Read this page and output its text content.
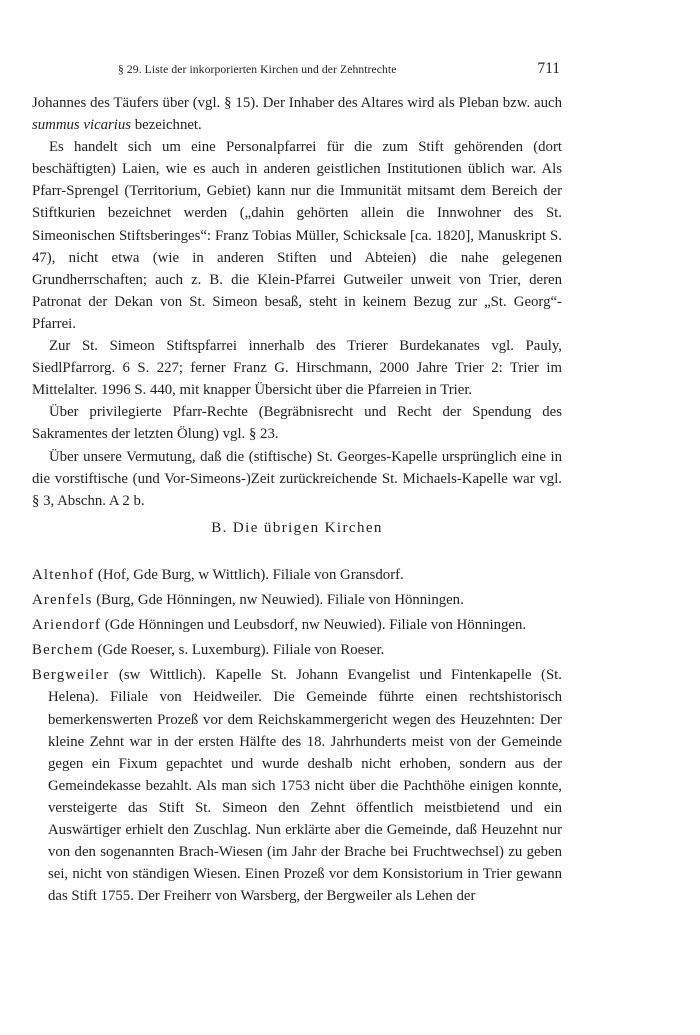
§ 29. Liste der inkorporierten Kirchen und der Zehntrechte	711

Johannes des Täufers über (vgl. § 15). Der Inhaber des Altares wird als Pleban bzw. auch summus vicarius bezeichnet.

Es handelt sich um eine Personalpfarrei für die zum Stift gehörenden (dort beschäftigten) Laien, wie es auch in anderen geistlichen Institutionen üblich war. Als Pfarr-Sprengel (Territorium, Gebiet) kann nur die Immunität mitsamt dem Bereich der Stiftkurien bezeichnet werden („dahin gehörten allein die Innwohner des St. Simeonischen Stiftsberinges“: Franz Tobias Müller, Schicksale [ca. 1820], Manuskript S. 47), nicht etwa (wie in anderen Stiften und Abteien) die nahe gelegenen Grundherrschaften; auch z. B. die Klein-Pfarrei Gutweiler unweit von Trier, deren Patronat der Dekan von St. Simeon besaß, steht in keinem Bezug zur „St. Georg“-Pfarrei.

Zur St. Simeon Stiftspfarrei innerhalb des Trierer Burdekanates vgl. Pauly, SiedlPfarrorg. 6 S. 227; ferner Franz G. Hirschmann, 2000 Jahre Trier 2: Trier im Mittelalter. 1996 S. 440, mit knapper Übersicht über die Pfarreien in Trier.

Über privilegierte Pfarr-Rechte (Begräbnisrecht und Recht der Spendung des Sakramentes der letzten Ölung) vgl. § 23.

Über unsere Vermutung, daß die (stiftische) St. Georges-Kapelle ursprünglich eine in die vorstiftische (und Vor-Simeons-)Zeit zurückreichende St. Michaels-Kapelle war vgl. § 3, Abschn. A 2 b.

B. Die übrigen Kirchen

Altenhof (Hof, Gde Burg, w Wittlich). Filiale von Gransdorf.

Arenfels (Burg, Gde Hönningen, nw Neuwied). Filiale von Hönningen.

Ariendorf (Gde Hönningen und Leubsdorf, nw Neuwied). Filiale von Hönningen.

Berchem (Gde Roeser, s. Luxemburg). Filiale von Roeser.

Bergweiler (sw Wittlich). Kapelle St. Johann Evangelist und Fintenkapelle (St. Helena). Filiale von Heidweiler. Die Gemeinde führte einen rechtshistorisch bemerkenswerten Prozeß vor dem Reichskammergericht wegen des Heuzehnten: Der kleine Zehnt war in der ersten Hälfte des 18. Jahrhunderts meist von der Gemeinde gegen ein Fixum gepachtet und wurde deshalb nicht erhoben, sondern aus der Gemeindekasse bezahlt. Als man sich 1753 nicht über die Pachthöhe einigen konnte, versteigerte das Stift St. Simeon den Zehnt öffentlich meistbietend und ein Auswärtiger erhielt den Zuschlag. Nun erklärte aber die Gemeinde, daß Heuzehnt nur von den sogenannten Brach-Wiesen (im Jahr der Brache bei Fruchtwechsel) zu geben sei, nicht von ständigen Wiesen. Einen Prozeß vor dem Konsistorium in Trier gewann das Stift 1755. Der Freiherr von Warsberg, der Bergweiler als Lehen der
